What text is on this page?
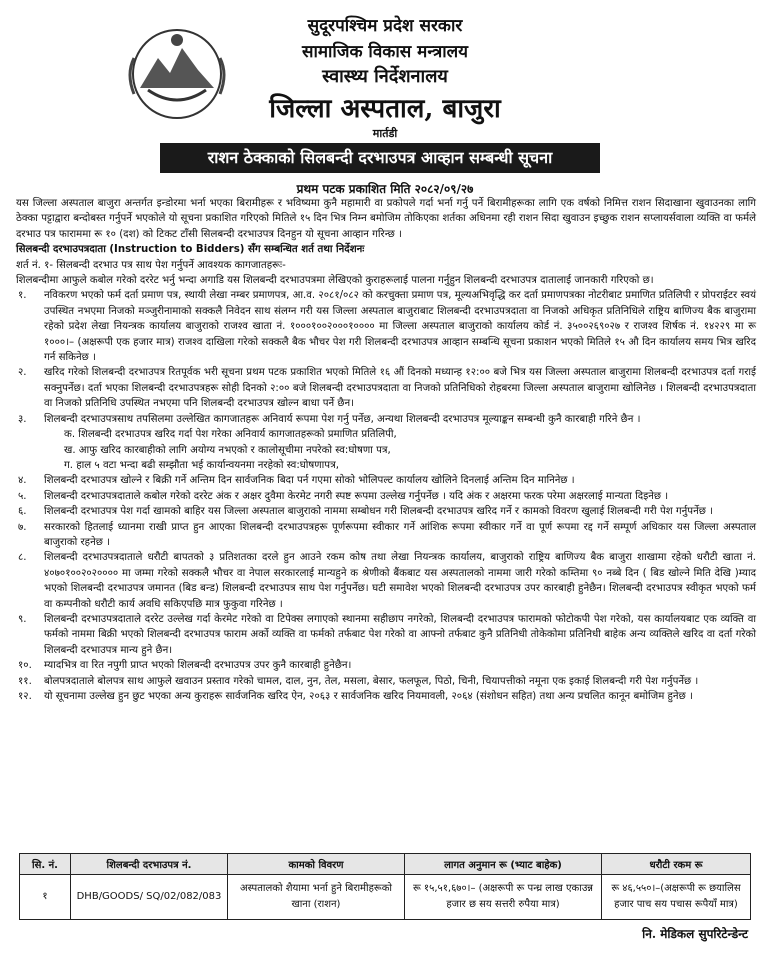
सुदूरपश्चिम प्रदेश सरकार
सामाजिक विकास मन्त्रालय
स्वास्थ्य निर्देशनालय
जिल्ला अस्पताल, बाजुरा
मार्तडी
राशन ठेक्काको सिलबन्दी दरभाउपत्र आव्हान सम्बन्धी सूचना
प्रथम पटक प्रकाशित मिति २०८२/०९/२७

यस जिल्ला अस्पताल बाजुरा अन्तर्गत इन्डोरमा भर्ना भएका बिरामीहरू र भविष्यमा कुनै महामारी वा प्रकोपले गर्दा भर्ना गर्नु पर्ने बिरामीहरूका लागि एक वर्षको निमित्त राशन सिदाखाना खुवाउनका लागि ठेक्का पट्टाद्वारा बन्दोबस्त गर्नुपर्ने भएकोले यो सूचना प्रकाशित गरिएको मितिले १५ दिन भित्र निम्न बमोजिम तोकिएका शर्तका अधिनमा रही राशन सिदा खुवाउन इच्छुक राशन सप्लायर्सवाला व्यक्ति वा फर्मले दरभाउ पत्र फाराममा रू १० (दश) को टिकट टाँसी सिलबन्दी दरभाउपत्र दिनहुन यो सूचना आव्हान गरिन्छ ।

सिलबन्दी दरभाउपत्रदाता (Instruction to Bidders) सँग सम्बन्धित शर्त तथा निर्देशनः

शर्त नं. १- सिलबन्दी दरभाउ पत्र साथ पेश गर्नुपर्ने आवश्यक कागजातहरूः-

शिलबन्दीमा आफुले कबोल गरेको दररेट भर्नु भन्दा अगाडि यस शिलबन्दी दरभाउपत्रमा लेखिएको कुराहरूलाई पालना गर्नुहुन शिलबन्दी दरभाउपत्र दातालाई जानकारी गरिएको छ।

१. नविकरण भएको फर्म दर्ता प्रमाण पत्र, स्थायी लेखा नम्बर प्रमाणपत्र, आ.व. २०८१/०८२ को करचुक्ता प्रमाण पत्र, मूल्यअभिवृद्धि कर दर्ता प्रमाणपत्रका नोटरीबाट प्रमाणित प्रतिलिपी र प्रोपराईटर स्वयं उपस्थित नभएमा निजको मञ्जुरीनामाको सक्कलै निवेदन साथ संलग्न गरी यस जिल्ला अस्पताल बाजुराबाट शिलबन्दी दरभाउपत्रदाता वा निजको अधिकृत प्रतिनिधिले राष्ट्रिय बाणिज्य बैक बाजुरामा रहेको प्रदेश लेखा नियन्त्रक कार्यालय बाजुराको राजश्व खाता नं. १०००१००२०००१०००० मा जिल्ला अस्पताल बाजुराको कार्यालय कोर्ड नं. ३५००२६९०२७ र राजश्व शिर्षक नं. १४२२९ मा रू १०००।– (अक्षरूपी एक हजार मात्र) राजश्व दाखिला गरेको सक्कलै बैक भौचर पेश गरी शिलबन्दी दरभाउपत्र आव्हान सम्बन्धि सूचना प्रकाशन भएको मितिले १५ औ दिन कार्यालय समय भित्र खरिद गर्न सकिनेछ ।
२. खरिद गरेको शिलबन्दी दरभाउपत्र रितपूर्वक भरी सूचना प्रथम पटक प्रकाशित भएको मितिले १६ औं दिनको मध्यान्ह १२:०० बजे भित्र यस जिल्ला अस्पताल बाजुरामा शिलबन्दी दरभाउपत्र दर्ता गराई सक्नुपर्नेछ। दर्ता भएका शिलबन्दी दरभाउपत्रहरू सोही दिनको २:०० बजे शिलबन्दी दरभाउपत्रदाता वा निजको प्रतिनिधिको रोहबरमा जिल्ला अस्पताल बाजुरामा खोलिनेछ । शिलबन्दी दरभाउपत्रदाता वा निजको प्रतिनिधि उपस्थित नभएमा पनि शिलबन्दी दरभाउपत्र खोल्न बाधा पर्ने छैन।
३. शिलबन्दी दरभाउपत्रसाथ तपसिलमा उल्लेखित कागजातहरू अनिवार्य रूपमा पेश गर्नु पर्नेछ, अन्यथा शिलबन्दी दरभाउपत्र मूल्याङ्कन सम्बन्धी कुनै कारबाही गरिने छैन ।
क. शिलबन्दी दरभाउपत्र खरिद गर्दा पेश गरेका अनिवार्य कागजातहरूको प्रमाणित प्रतिलिपी,
ख. आफु खरिद कारबाहीको लागि अयोग्य नभएको र कालोसूचीमा नपरेको स्व:घोषणा पत्र,
ग. हाल ५ वटा भन्दा बढी सम्झौता भई कार्यान्वयनमा नरहेको स्व:घोषणापत्र,
४. शिलबन्दी दरभाउपत्र खोल्ने र बिक्री गर्ने अन्तिम दिन सार्वजनिक बिदा पर्न गएमा सोको भोलिपल्ट कार्यालय खोलिने दिनलाई अन्तिम दिन मानिनेछ ।
५. शिलबन्दी दरभाउपत्रदाताले कबोल गरेको दररेट अंक र अक्षर दुवैमा केरमेट नगरी स्पष्ट रूपमा उल्लेख गर्नुपर्नेछ । यदि अंक र अक्षरमा फरक परेमा अक्षरलाई मान्यता दिइनेछ ।
६. शिलबन्दी दरभाउपत्र पेश गर्दा खामको बाहिर यस जिल्ला अस्पताल बाजुराको नाममा सम्बोधन गरी शिलबन्दी दरभाउपत्र खरिद गर्ने र कामको विवरण खुलाई शिलबन्दी गरी पेश गर्नुपर्नेछ ।
७. सरकारको हितलाई ध्यानमा राखी प्राप्त हुन आएका शिलबन्दी दरभाउपत्रहरू पूर्णरूपमा स्वीकार गर्ने आंशिक रूपमा स्वीकार गर्ने वा पूर्ण रूपमा रद्द गर्ने सम्पूर्ण अधिकार यस जिल्ला अस्पताल बाजुराको रहनेछ ।
८. शिलबन्दी दरभाउपत्रदाताले धरौटी बापतको ३ प्रतिशतका दरले हुन आउने रकम कोष तथा लेखा नियन्त्रक कार्यालय, बाजुराको राष्ट्रिय बाणिज्य बैक बाजुरा शाखामा रहेको धरौटी खाता नं. ४०७०१००२०२०००० मा जम्मा गरेको सक्कलै भौचर वा नेपाल सरकारलाई मान्यहुने क श्रेणीको बैंकबाट यस अस्पतालको नाममा जारी गरेको कम्तिमा ९० नब्बे दिन ( बिड खोल्ने मिति देखि )म्याद भएको शिलबन्दी दरभाउपत्र जमानत (बिड बन्ड) शिलबन्दी दरभाउपत्र साथ पेश गर्नुपर्नेछ। घटी समावेश भएको शिलबन्दी दरभाउपत्र उपर कारबाही हुनेछैन। शिलबन्दी दरभाउपत्र स्वीकृत भएको फर्म वा कम्पनीको धरौटी कार्य अवधि सकिएपछि मात्र फुकुवा गरिनेछ ।
९. शिलबन्दी दरभाउपत्रदाताले दररेट उल्लेख गर्दा केरमेट गरेको वा टिपेक्स लगाएको स्थानमा सहीछाप नगरेको, शिलबन्दी दरभाउपत्र फारामको फोटोकपी पेश गरेको, यस कार्यालयबाट एक व्यक्ति वा फर्मको नाममा बिक्री भएको शिलबन्दी दरभाउपत्र फाराम अर्को व्यक्ति वा फर्मको तर्फबाट पेश गरेको वा आफ्नो तर्फबाट कुनै प्रतिनिधी तोकेकोमा प्रतिनिधी बाहेक अन्य व्यक्तिले खरिद वा दर्ता गरेको शिलबन्दी दरभाउपत्र मान्य हुने छैन।
१०. म्यादभित्र वा रित नपुगी प्राप्त भएको शिलबन्दी दरभाउपत्र उपर कुनै कारबाही हुनेछैन।
११. बोलपत्रदाताले बोलपत्र साथ आफुले खवाउन प्रस्ताव गरेको चामल, दाल, नुन, तेल, मसला, बेसार, फलफूल, पिठो, चिनी, चियापत्तीको नमूना एक इकाई शिलबन्दी गरी पेश गर्नुपर्नेछ ।
१२. यो सूचनामा उल्लेख हुन छुट भएका अन्य कुराहरू सार्वजनिक खरिद ऐन, २०६३ र सार्वजनिक खरिद नियमावली, २०६४ (संशोधन सहित) तथा अन्य प्रचलित कानून बमोजिम हुनेछ ।
सि. नं.	शिलबन्दी दरभाउपत्र नं.	कामको विवरण	लागत अनुमान रू (भ्याट बाहेक)	धरौटी रकम रू
१	DHB/GOODS/ SQ/02/082/083	अस्पतालको शैयामा भर्ना हुने बिरामीहरूको खाना (राशन)	रू १५,५१,६७०।– (अक्षरूपी रू पन्ध्र लाख एकाउन्न हजार छ सय सत्तरी रुपैया मात्र)	रू ४६,५५०।–(अक्षरूपी रू छयालिस हजार पाच सय पचास रूपैयाँ मात्र)
नि. मेडिकल सुपरिटेन्डेन्ट
